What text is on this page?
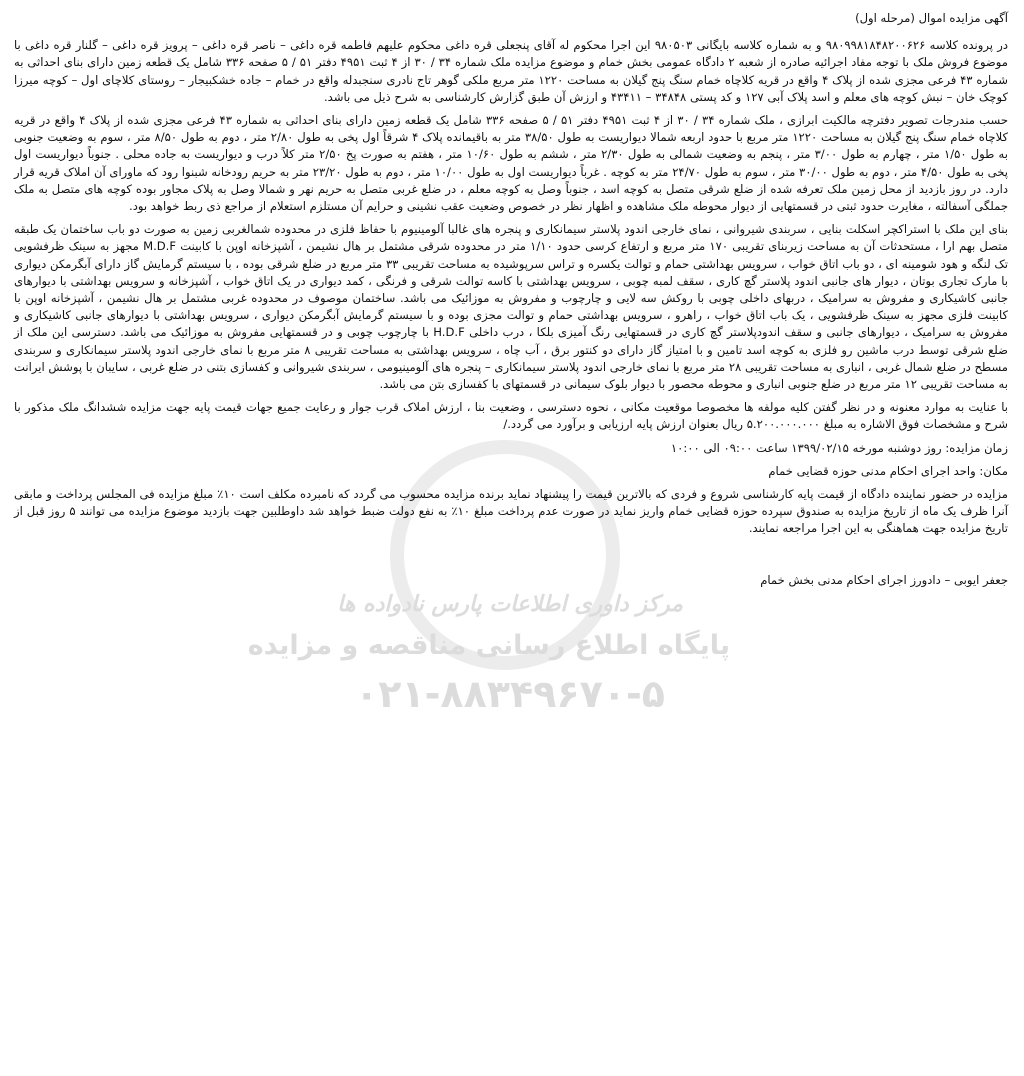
مرکز داوری اطلاعات پارس نادواده ها
پایگاه اطلاع رسانی مناقصه و مزایده
۰۲۱-۸۸۳۴۹۶۷۰-۵

آگهی مزایده اموال (مرحله اول)

در پرونده کلاسه ۹۸۰۹۹۸۱۸۴۸۲۰۰۶۲۶ و به شماره کلاسه بایگانی ۹۸۰۵۰۳ این اجرا محکوم له آقای پنجعلی قره داغی محکوم علیهم فاطمه قره داغی – ناصر قره داغی – پرویز قره داغی – گلنار قره داغی با موضوع فروش ملک با توجه مفاد اجرائیه صادره از شعبه ۲ دادگاه عمومی بخش خمام و موضوع مزایده ملک شماره ۳۴ / ۳۰ از ۴ ثبت ۴۹۵۱ دفتر ۵۱ / ۵ صفحه ۳۳۶ شامل یک قطعه زمین دارای بنای احداثی به شماره ۴۳ فرعی مجزی شده از پلاک ۴ واقع در قریه کلاچاه خمام سنگ پنج گیلان به مساحت ۱۲۲۰ متر مربع ملکی گوهر تاج نادری سنجبدله واقع در خمام – جاده خشکبیجار – روستای کلاچای اول – کوچه میرزا کوچک خان – نبش کوچه های معلم و اسد پلاک آبی ۱۲۷ و کد پستی ۳۴۸۴۸ – ۴۳۴۱۱ و ارزش آن طبق گزارش کارشناسی به شرح ذیل می باشد.

حسب مندرجات تصویر دفترچه مالکیت ابرازی ، ملک شماره ۳۴ / ۳۰ از ۴ ثبت ۴۹۵۱ دفتر ۵۱ / ۵ صفحه ۳۳۶ شامل یک قطعه زمین دارای بنای احداثی به شماره ۴۳ فرعی مجزی شده از پلاک ۴ واقع در قریه کلاچاه خمام سنگ پنج گیلان به مساحت ۱۲۲۰ متر مربع با حدود اربعه شمالا دیواریست به طول ۳۸/۵۰ متر به باقیمانده پلاک ۴ شرقاً اول پخی به طول ۲/۸۰ متر ، دوم به طول ۸/۵۰ متر ، سوم به وضعیت جنوبی به طول ۱/۵۰ متر ، چهارم به طول ۳/۰۰ متر ، پنجم به وضعیت شمالی به طول ۲/۳۰ متر ، ششم به طول ۱۰/۶۰ متر ، هفتم به صورت پخ ۲/۵۰ متر کلاً درب و دیواریست به جاده محلی . جنوباً دیواریست اول پخی به طول ۴/۵۰ متر ، دوم به طول ۳۰/۰۰ متر ، سوم به طول ۲۴/۷۰ متر به کوچه . غرباً دیواریست اول به طول ۱۰/۰۰ متر ، دوم به طول ۲۳/۲۰ متر به حریم رودخانه شبنوا رود که ماورای آن املاک قریه قرار دارد. در روز بازدید از محل زمین ملک تعرفه شده از ضلع شرقی متصل به کوچه اسد ، جنوباً وصل به کوچه معلم ، در ضلع غربی متصل به حریم نهر و شمالا وصل به پلاک مجاور بوده کوچه های متصل به ملک جملگی آسفالته ، مغایرت حدود ثبتی در قسمتهایی از دیوار محوطه ملک مشاهده و اظهار نظر در خصوص وضعیت عقب نشینی و حرایم آن مستلزم استعلام از مراجع ذی ربط خواهد بود.

بنای این ملک با استراکچر اسکلت بنایی ، سربندی شیروانی ، نمای خارجی اندود پلاستر سیمانکاری و پنجره های غالبا آلومینیوم با حفاظ فلزی در محدوده شمالغربی زمین به صورت دو باب ساختمان یک طبقه متصل بهم ارا ، مستحدثات آن به مساحت زیربنای تقریبی ۱۷۰ متر مربع و ارتفاع کرسی حدود ۱/۱۰ متر در محدوده شرقی مشتمل بر هال نشیمن ، آشپزخانه اوپن با کابینت M.D.F مجهز به سینک ظرفشویی تک لنگه و هود شومینه ای ، دو باب اتاق خواب ، سرویس بهداشتی حمام و توالت یکسره و تراس سرپوشیده به مساحت تقریبی ۳۳ متر مربع در ضلع شرقی بوده ، با سیستم گرمایش گاز دارای آبگرمکن دیواری با مارک تجاری بوتان ، دیوار های جانبی اندود پلاستر گچ کاری ، سقف لمبه چوبی ، سرویس بهداشتی با کاسه توالت شرقی و فرنگی ، کمد دیواری در یک اتاق خواب ، آشپزخانه و سرویس بهداشتی با دیوارهای جانبی کاشیکاری و مفروش به سرامیک ، دربهای داخلی چوبی با روکش سه لایی و چارچوب و مفروش به موزائیک می باشد. ساختمان موصوف در محدوده غربی مشتمل بر هال نشیمن ، آشپزخانه اوپن با کابینت فلزی مجهز به سینک ظرفشویی ، یک باب اتاق خواب ، راهرو ، سرویس بهداشتی حمام و توالت مجزی بوده و با سیستم گرمایش آبگرمکن دیواری ، سرویس بهداشتی با دیوارهای جانبی کاشیکاری و مفروش به سرامیک ، دیوارهای جانبی و سقف اندودپلاستر گچ کاری در قسمتهایی رنگ آمیزی بلکا ، درب داخلی H.D.F با چارچوب چوبی و در قسمتهایی مفروش به موزائیک می باشد. دسترسی این ملک از ضلع شرقی توسط درب ماشین رو فلزی به کوچه اسد تامین و با امتیاز گاز دارای دو کنتور برق ، آب چاه ، سرویس بهداشتی به مساحت تقریبی ۸ متر مربع با نمای خارجی اندود پلاستر سیمانکاری و سربندی مسطح در ضلع شمال غربی ، انباری به مساحت تقریبی ۲۸ متر مربع با نمای خارجی اندود پلاستر سیمانکاری – پنجره های آلومینیومی ، سربندی شیروانی و کفسازی بتنی در ضلع غربی ، سایبان با پوشش ایرانت به مساحت تقریبی ۱۲ متر مربع در ضلع جنوبی انباری و محوطه محصور با دیوار بلوک سیمانی در قسمتهای با کفسازی بتن می باشد.

با عنایت به موارد معنونه و در نظر گفتن کلیه مولفه ها مخصوصا موقعیت مکانی ، نحوه دسترسی ، وضعیت بنا ، ارزش املاک قرب جوار و رعایت جمیع جهات قیمت پایه جهت مزایده ششدانگ ملک مذکور با شرح و مشخصات فوق الاشاره به مبلغ ۵.۲۰۰.۰۰۰.۰۰۰ ریال بعنوان ارزش پایه ارزیابی و برآورد می گردد./

زمان مزایده: روز دوشنبه مورخه ۱۳۹۹/۰۲/۱۵ ساعت ۰۹:۰۰ الی ۱۰:۰۰

مکان: واحد اجرای احکام مدنی حوزه قضایی خمام

مزایده در حضور نماینده دادگاه از قیمت پایه کارشناسی شروع و فردی که بالاترین قیمت را پیشنهاد نماید برنده مزایده محسوب می گردد که نامبرده مکلف است ۱۰٪ مبلغ مزایده فی المجلس پرداخت و مابقی آنرا ظرف یک ماه از تاریخ مزایده به صندوق سپرده حوزه قضایی خمام واریز نماید در صورت عدم پرداخت مبلغ ۱۰٪ به نفع دولت ضبط خواهد شد داوطلبین جهت بازدید موضوع مزایده می توانند ۵ روز قبل از تاریخ مزایده جهت هماهنگی به این اجرا مراجعه نمایند.

جعفر ایوبی – دادورز اجرای احکام مدنی بخش خمام
